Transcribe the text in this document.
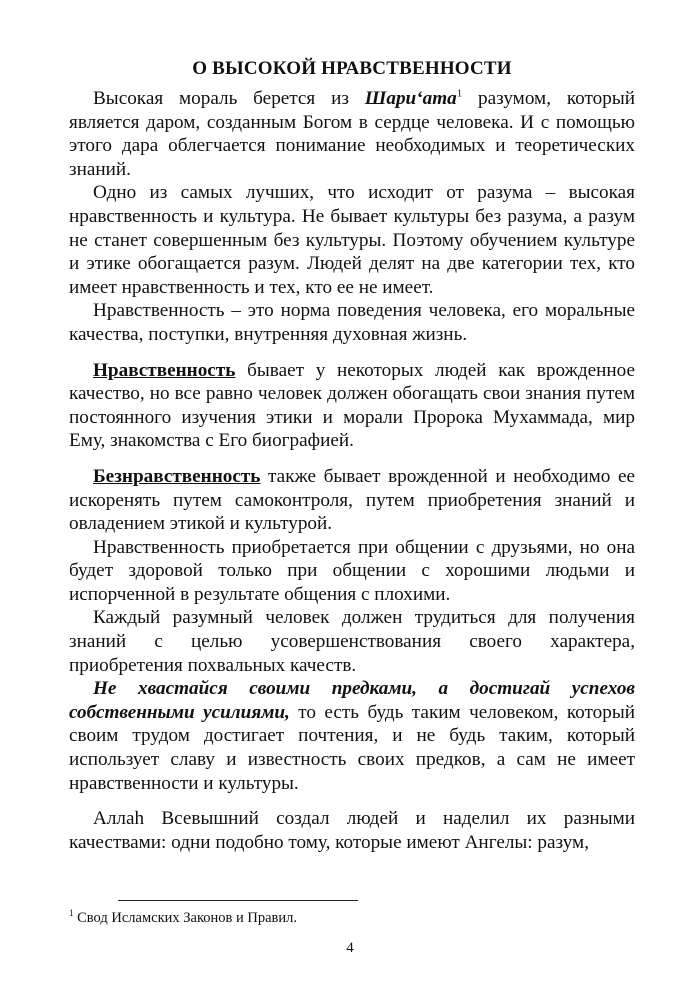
О ВЫСОКОЙ НРАВСТВЕННОСТИ

Высокая мораль берется из Шари‘ата$^1$ разумом, который является даром, созданным Богом в сердце человека. И с помощью этого дара облегчается понимание необходимых и теоретических знаний.

Одно из самых лучших, что исходит от разума – высокая нравственность и культура. Не бывает культуры без разума, а разум не станет совершенным без культуры. Поэтому обучением культуре и этике обогащается разум. Людей делят на две категории тех, кто имеет нравственность и тех, кто ее не имеет.

Нравственность – это норма поведения человека, его моральные качества, поступки, внутренняя духовная жизнь.

Нравственность бывает у некоторых людей как врожденное качество, но все равно человек должен обогащать свои знания путем постоянного изучения этики и морали Пророка Мухаммада, мир Ему, знакомства с Его биографией.

Безнравственность также бывает врожденной и необходимо ее искоренять путем самоконтроля, путем приобретения знаний и овладением этикой и культурой.

Нравственность приобретается при общении с друзьями, но она будет здоровой только при общении с хорошими людьми и испорченной в результате общения с плохими.

Каждый разумный человек должен трудиться для получения знаний с целью усовершенствования своего характера, приобретения похвальных качеств.

Не хвастайся своими предками, а достигай успехов собственными усилиями, то есть будь таким человеком, который своим трудом достигает почтения, и не будь таким, который использует славу и известность своих предков, а сам не имеет нравственности и культуры.

Аллаh Всевышний создал людей и наделил их разными качествами: одни подобно тому, которые имеют Ангелы: разум,

$^1$ Свод Исламских Законов и Правил.
4
